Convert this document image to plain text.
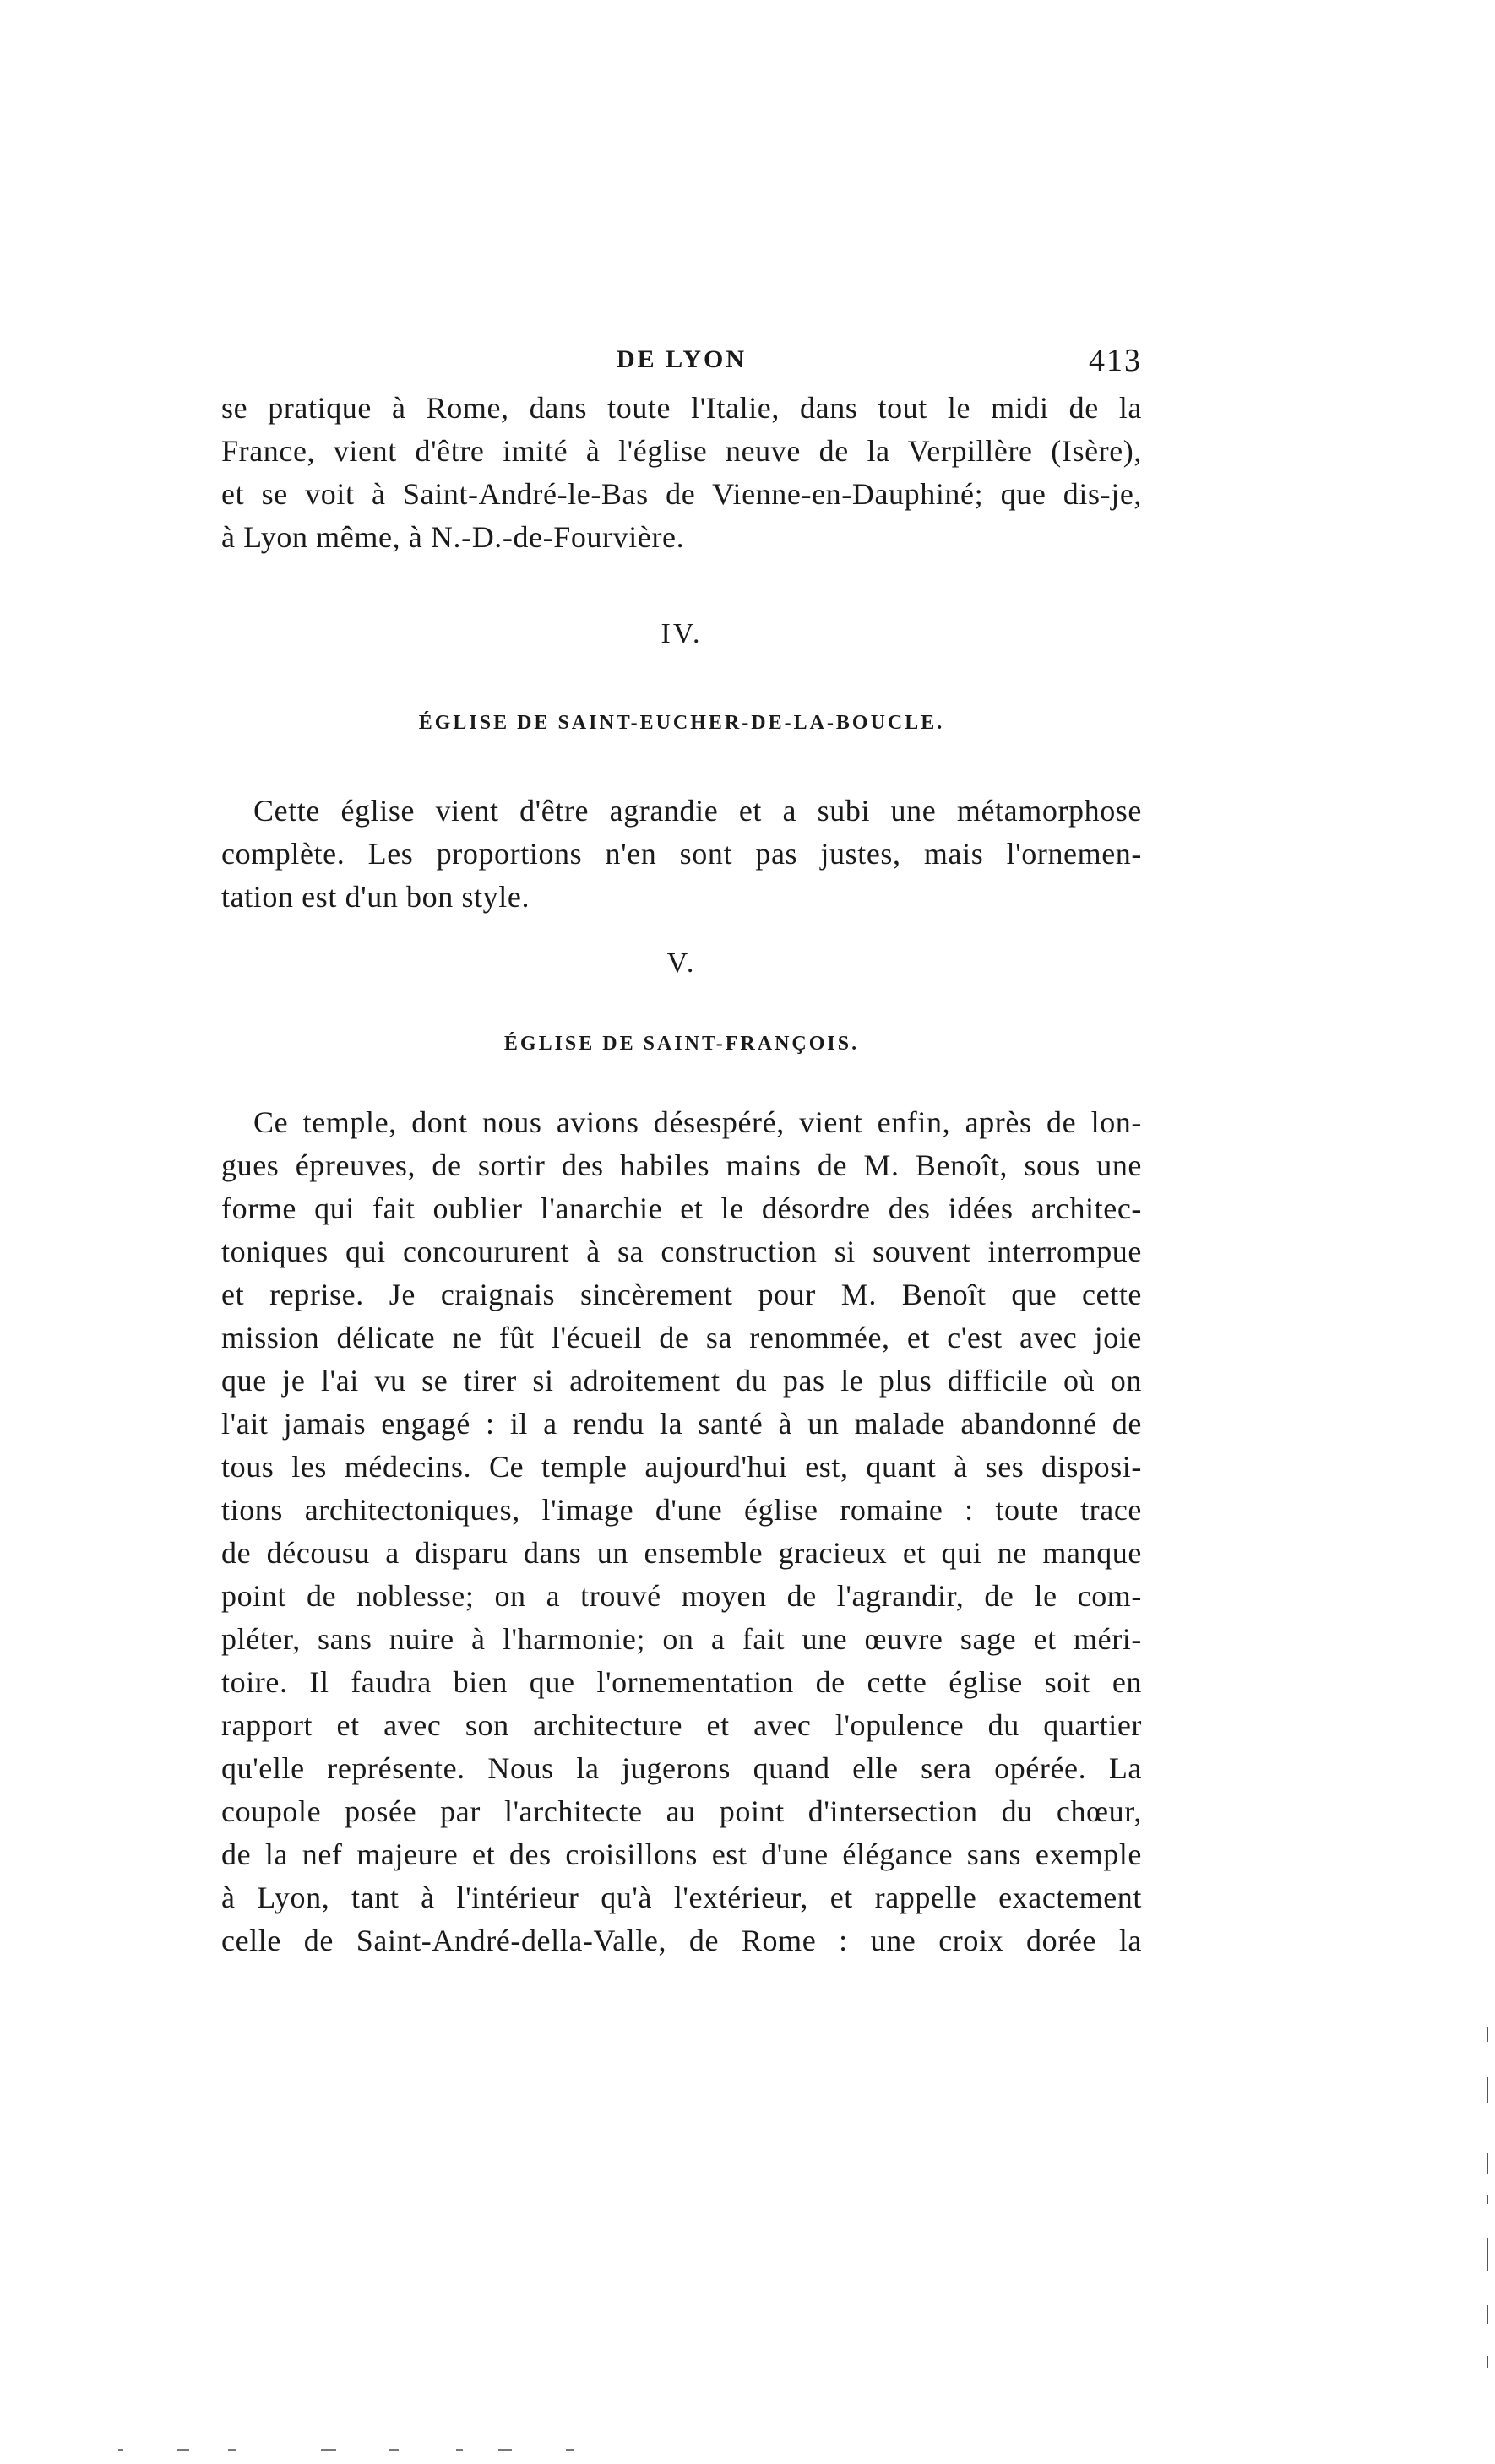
DE LYON	413
se pratique à Rome, dans toute l'Italie, dans tout le midi de la
France, vient d'être imité à l'église neuve de la Verpillère (Isère),
et se voit à Saint-André-le-Bas de Vienne-en-Dauphiné; que dis-je,
à Lyon même, à N.-D.-de-Fourvière.
IV.
ÉGLISE DE SAINT-EUCHER-DE-LA-BOUCLE.
Cette église vient d'être agrandie et a subi une métamorphose
complète. Les proportions n'en sont pas justes, mais l'ornemen-
tation est d'un bon style.
V.
ÉGLISE DE SAINT-FRANÇOIS.
Ce temple, dont nous avions désespéré, vient enfin, après de lon-
gues épreuves, de sortir des habiles mains de M. Benoît, sous une
forme qui fait oublier l'anarchie et le désordre des idées architec-
toniques qui concoururent à sa construction si souvent interrompue
et reprise. Je craignais sincèrement pour M. Benoît que cette
mission délicate ne fût l'écueil de sa renommée, et c'est avec joie
que je l'ai vu se tirer si adroitement du pas le plus difficile où on
l'ait jamais engagé : il a rendu la santé à un malade abandonné de
tous les médecins. Ce temple aujourd'hui est, quant à ses disposi-
tions architectoniques, l'image d'une église romaine : toute trace
de décousu a disparu dans un ensemble gracieux et qui ne manque
point de noblesse; on a trouvé moyen de l'agrandir, de le com-
pléter, sans nuire à l'harmonie; on a fait une œuvre sage et méri-
toire. Il faudra bien que l'ornementation de cette église soit en
rapport et avec son architecture et avec l'opulence du quartier
qu'elle représente. Nous la jugerons quand elle sera opérée. La
coupole posée par l'architecte au point d'intersection du chœur,
de la nef majeure et des croisillons est d'une élégance sans exemple
à Lyon, tant à l'intérieur qu'à l'extérieur, et rappelle exactement
celle de Saint-André-della-Valle, de Rome : une croix dorée la
